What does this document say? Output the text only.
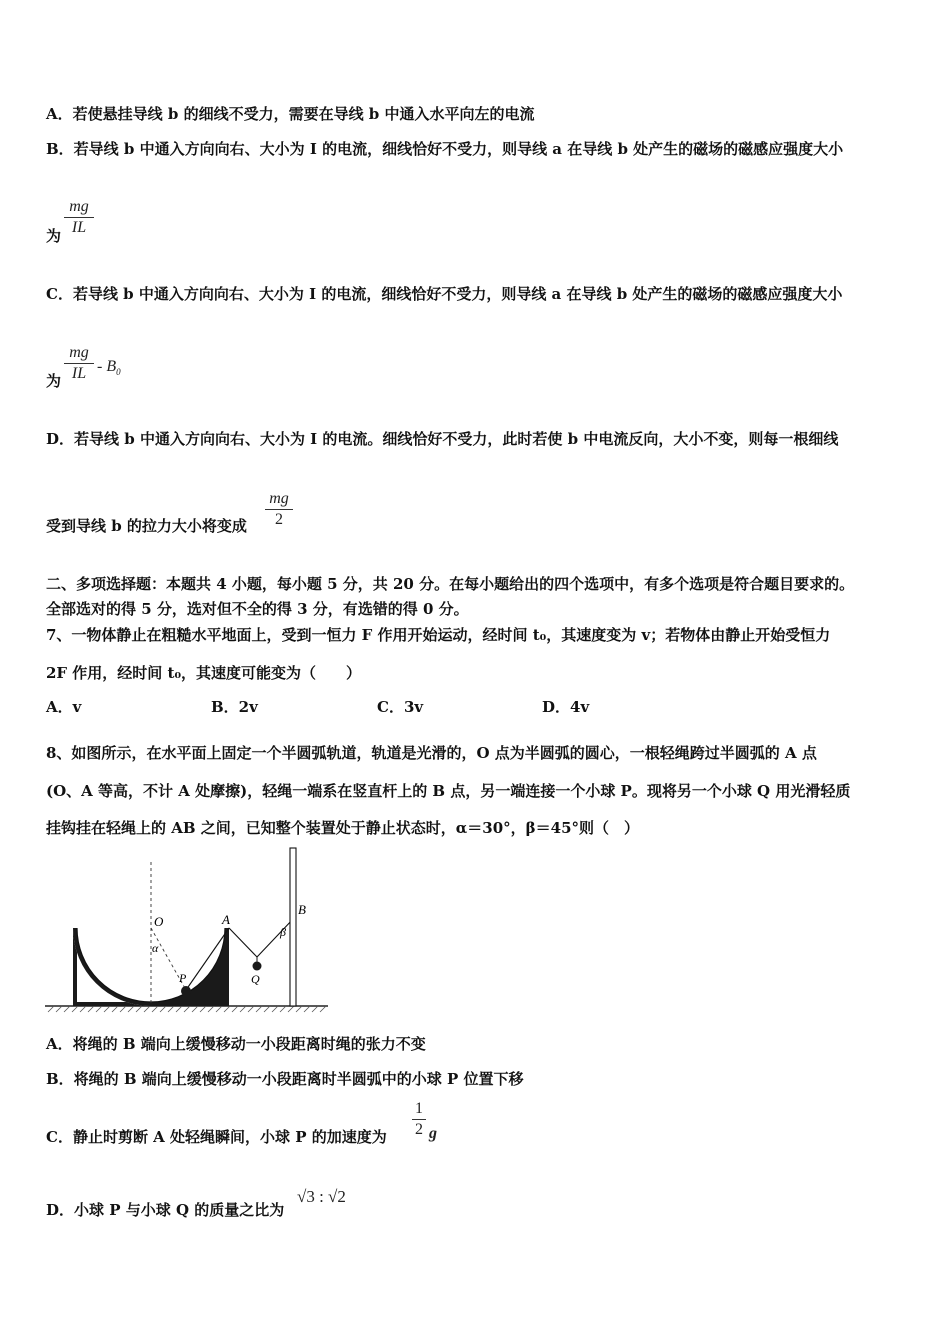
A．若使悬挂导线 b 的细线不受力，需要在导线 b 中通入水平向左的电流
B．若导线 b 中通入方向向右、大小为 I 的电流，细线恰好不受力，则导线 a 在导线 b 处产生的磁场的磁感应强度大小
为
mg
IL
C．若导线 b 中通入方向向右、大小为 I 的电流，细线恰好不受力，则导线 a 在导线 b 处产生的磁场的磁感应强度大小
为
mg
IL - $B_0$
D．若导线 b 中通入方向向右、大小为 I 的电流。细线恰好不受力，此时若使 b 中电流反向，大小不变，则每一根细线
受到导线 b 的拉力大小将变成
mg
2
二、多项选择题：本题共 4 小题，每小题 5 分，共 20 分。在每小题给出的四个选项中，有多个选项是符合题目要求的。
全部选对的得 5 分，选对但不全的得 3 分，有选错的得 0 分。
7、一物体静止在粗糙水平地面上，受到一恒力 F 作用开始运动，经时间 t₀，其速度变为 v；若物体由静止开始受恒力
2F 作用，经时间 t₀，其速度可能变为（　　）
A．v	B．2v	C．3v	D．4v
8、如图所示，在水平面上固定一个半圆弧轨道，轨道是光滑的，O 点为半圆弧的圆心，一根轻绳跨过半圆弧的 A 点
(O、A 等高，不计 A 处摩擦)，轻绳一端系在竖直杆上的 B 点，另一端连接一个小球 P。现将另一个小球 Q 用光滑轻质
挂钩挂在轻绳上的 AB 之间，已知整个装置处于静止状态时，α＝30°，β＝45°则（　）
O	A
B
P	Q
α
β
A．将绳的 B 端向上缓慢移动一小段距离时绳的张力不变
B．将绳的 B 端向上缓慢移动一小段距离时半圆弧中的小球 P 位置下移
C．静止时剪断 A 处轻绳瞬间，小球 P 的加速度为
1
2 g
D．小球 P 与小球 Q 的质量之比为
√3 : √2
